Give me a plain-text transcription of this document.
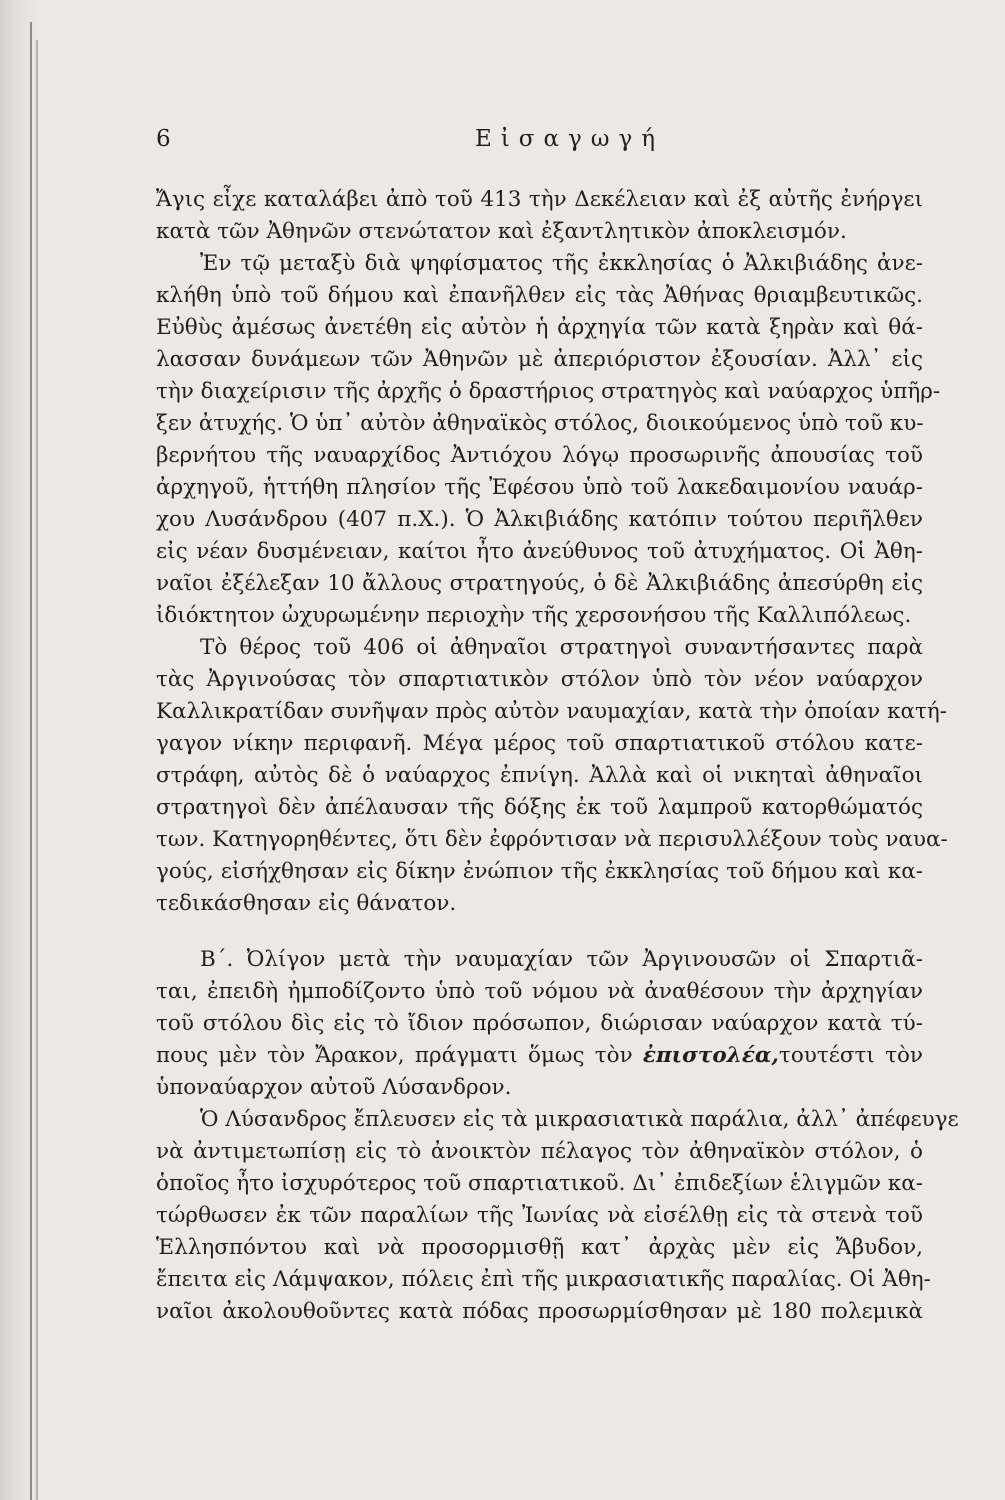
6	Εἰσαγωγή
Ἄγις εἶχε καταλάβει ἀπὸ τοῦ 413 τὴν Δεκέλειαν καὶ ἐξ αὐτῆς ἐνήργει
κατὰ τῶν Ἀθηνῶν στενώτατον καὶ ἐξαντλητικὸν ἀποκλεισμόν.
Ἐν τῷ μεταξὺ διὰ ψηφίσματος τῆς ἐκκλησίας ὁ Ἀλκιβιάδης ἀνε-
κλήθη ὑπὸ τοῦ δήμου καὶ ἐπανῆλθεν εἰς τὰς Ἀθήνας θριαμβευτικῶς.
Εὐθὺς ἀμέσως ἀνετέθη εἰς αὐτὸν ἡ ἀρχηγία τῶν κατὰ ξηρὰν καὶ θά-
λασσαν δυνάμεων τῶν Ἀθηνῶν μὲ ἀπεριόριστον ἐξουσίαν. Ἀλλ᾿ εἰς
τὴν διαχείρισιν τῆς ἀρχῆς ὁ δραστήριος στρατηγὸς καὶ ναύαρχος ὑπῆρ-
ξεν ἀτυχής. Ὁ ὑπ᾿ αὐτὸν ἀθηναϊκὸς στόλος, διοικούμενος ὑπὸ τοῦ κυ-
βερνήτου τῆς ναυαρχίδος Ἀντιόχου λόγῳ προσωρινῆς ἀπουσίας τοῦ
ἀρχηγοῦ, ἡττήθη πλησίον τῆς Ἐφέσου ὑπὸ τοῦ λακεδαιμονίου ναυάρ-
χου Λυσάνδρου (407 π.Χ.). Ὁ Ἀλκιβιάδης κατόπιν τούτου περιῆλθεν
εἰς νέαν δυσμένειαν, καίτοι ἦτο ἀνεύθυνος τοῦ ἀτυχήματος. Οἱ Ἀθη-
ναῖοι ἐξέλεξαν 10 ἄλλους στρατηγούς, ὁ δὲ Ἀλκιβιάδης ἀπεσύρθη εἰς
ἰδιόκτητον ὠχυρωμένην περιοχὴν τῆς χερσονήσου τῆς Καλλιπόλεως.
Τὸ θέρος τοῦ 406 οἱ ἀθηναῖοι στρατηγοὶ συναντήσαντες παρὰ
τὰς Ἀργινούσας τὸν σπαρτιατικὸν στόλον ὑπὸ τὸν νέον ναύαρχον
Καλλικρατίδαν συνῆψαν πρὸς αὐτὸν ναυμαχίαν, κατὰ τὴν ὁποίαν κατή-
γαγον νίκην περιφανῆ. Μέγα μέρος τοῦ σπαρτιατικοῦ στόλου κατε-
στράφη, αὐτὸς δὲ ὁ ναύαρχος ἐπνίγη. Ἀλλὰ καὶ οἱ νικηταὶ ἀθηναῖοι
στρατηγοὶ δὲν ἀπέλαυσαν τῆς δόξης ἐκ τοῦ λαμπροῦ κατορθώματός
των. Κατηγορηθέντες, ὅτι δὲν ἐφρόντισαν νὰ περισυλλέξουν τοὺς ναυα-
γούς, εἰσήχθησαν εἰς δίκην ἐνώπιον τῆς ἐκκλησίας τοῦ δήμου καὶ κα-
τεδικάσθησαν εἰς θάνατον.
Β΄. Ὀλίγον μετὰ τὴν ναυμαχίαν τῶν Ἀργινουσῶν οἱ Σπαρτιᾶ-
ται, ἐπειδὴ ἠμποδίζοντο ὑπὸ τοῦ νόμου νὰ ἀναθέσουν τὴν ἀρχηγίαν
τοῦ στόλου δὶς εἰς τὸ ἴδιον πρόσωπον, διώρισαν ναύαρχον κατὰ τύ-
πους μὲν τὸν Ἄρακον, πράγματι ὅμως τὸν ἐπιστολέα,τουτέστι τὸν
ὑποναύαρχον αὐτοῦ Λύσανδρον.
Ὁ Λύσανδρος ἔπλευσεν εἰς τὰ μικρασιατικὰ παράλια, ἀλλ᾿ ἀπέφευγε
νὰ ἀντιμετωπίσῃ εἰς τὸ ἀνοικτὸν πέλαγος τὸν ἀθηναϊκὸν στόλον, ὁ
ὁποῖος ἦτο ἰσχυρότερος τοῦ σπαρτιατικοῦ. Δι᾿ ἐπιδεξίων ἑλιγμῶν κα-
τώρθωσεν ἐκ τῶν παραλίων τῆς Ἰωνίας νὰ εἰσέλθῃ εἰς τὰ στενὰ τοῦ
Ἑλλησπόντου καὶ νὰ προσορμισθῇ κατ᾿ ἀρχὰς μὲν εἰς Ἄβυδον,
ἔπειτα εἰς Λάμψακον, πόλεις ἐπὶ τῆς μικρασιατικῆς παραλίας. Οἱ Ἀθη-
ναῖοι ἀκολουθοῦντες κατὰ πόδας προσωρμίσθησαν μὲ 180 πολεμικὰ
